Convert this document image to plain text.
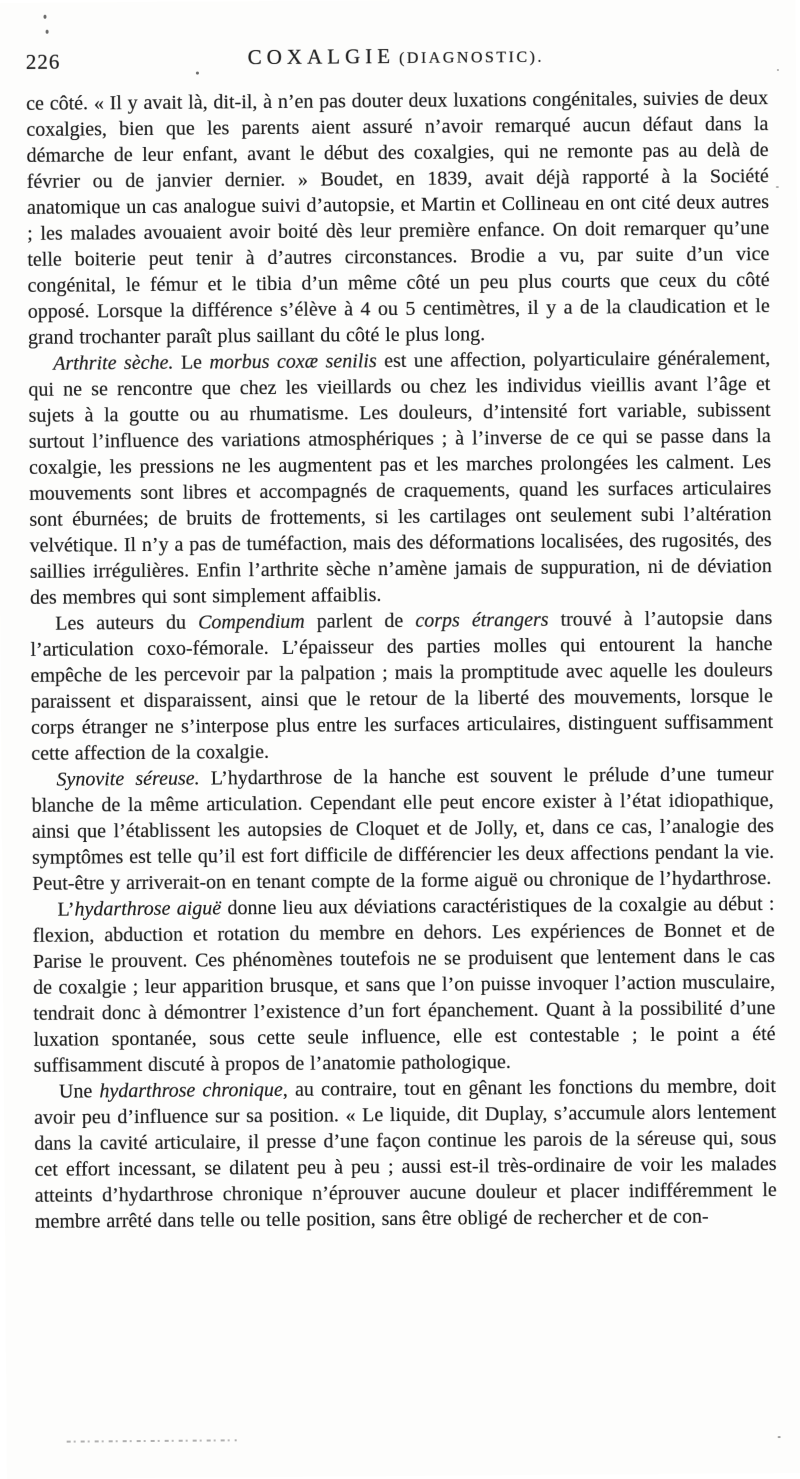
226	COXALGIE (DIAGNOSTIC).

ce côté. « Il y avait là, dit-il, à n’en pas douter deux luxations congénitales, suivies de deux coxalgies, bien que les parents aient assuré n’avoir remarqué aucun défaut dans la démarche de leur enfant, avant le début des coxalgies, qui ne remonte pas au delà de février ou de janvier dernier. » Boudet, en 1839, avait déjà rapporté à la Société anatomique un cas analogue suivi d’autopsie, et Martin et Collineau en ont cité deux autres ; les malades avouaient avoir boité dès leur première enfance. On doit remarquer qu’une telle boiterie peut tenir à d’autres circonstances. Brodie a vu, par suite d’un vice congénital, le fémur et le tibia d’un même côté un peu plus courts que ceux du côté opposé. Lorsque la différence s’élève à 4 ou 5 centimètres, il y a de la claudication et le grand trochanter paraît plus saillant du côté le plus long.

Arthrite sèche. Le morbus coxæ senilis est une affection, polyarticulaire généralement, qui ne se rencontre que chez les vieillards ou chez les individus vieillis avant l’âge et sujets à la goutte ou au rhumatisme. Les douleurs, d’intensité fort variable, subissent surtout l’influence des variations atmosphériques ; à l’inverse de ce qui se passe dans la coxalgie, les pressions ne les augmentent pas et les marches prolongées les calment. Les mouvements sont libres et accompagnés de craquements, quand les surfaces articulaires sont éburnées; de bruits de frottements, si les cartilages ont seulement subi l’altération velvétique. Il n’y a pas de tuméfaction, mais des déformations localisées, des rugosités, des saillies irrégulières. Enfin l’arthrite sèche n’amène jamais de suppuration, ni de déviation des membres qui sont simplement affaiblis.

Les auteurs du Compendium parlent de corps étrangers trouvé à l’autopsie dans l’articulation coxo-fémorale. L’épaisseur des parties molles qui entourent la hanche empêche de les percevoir par la palpation ; mais la promptitude avec aquelle les douleurs paraissent et disparaissent, ainsi que le retour de la liberté des mouvements, lorsque le corps étranger ne s’interpose plus entre les surfaces articulaires, distinguent suffisamment cette affection de la coxalgie.

Synovite séreuse. L’hydarthrose de la hanche est souvent le prélude d’une tumeur blanche de la même articulation. Cependant elle peut encore exister à l’état idiopathique, ainsi que l’établissent les autopsies de Cloquet et de Jolly, et, dans ce cas, l’analogie des symptômes est telle qu’il est fort difficile de différencier les deux affections pendant la vie. Peut-être y arriverait-on en tenant compte de la forme aiguë ou chronique de l’hydarthrose.

L’hydarthrose aiguë donne lieu aux déviations caractéristiques de la coxalgie au début : flexion, abduction et rotation du membre en dehors. Les expériences de Bonnet et de Parise le prouvent. Ces phénomènes toutefois ne se produisent que lentement dans le cas de coxalgie ; leur apparition brusque, et sans que l’on puisse invoquer l’action musculaire, tendrait donc à démontrer l’existence d’un fort épanchement. Quant à la possibilité d’une luxation spontanée, sous cette seule influence, elle est contestable ; le point a été suffisamment discuté à propos de l’anatomie pathologique.

Une hydarthrose chronique, au contraire, tout en gênant les fonctions du membre, doit avoir peu d’influence sur sa position. « Le liquide, dit Duplay, s’accumule alors lentement dans la cavité articulaire, il presse d’une façon continue les parois de la séreuse qui, sous cet effort incessant, se dilatent peu à peu ; aussi est-il très-ordinaire de voir les malades atteints d’hydarthrose chronique n’éprouver aucune douleur et placer indifféremment le membre arrêté dans telle ou telle position, sans être obligé de rechercher et de con-
